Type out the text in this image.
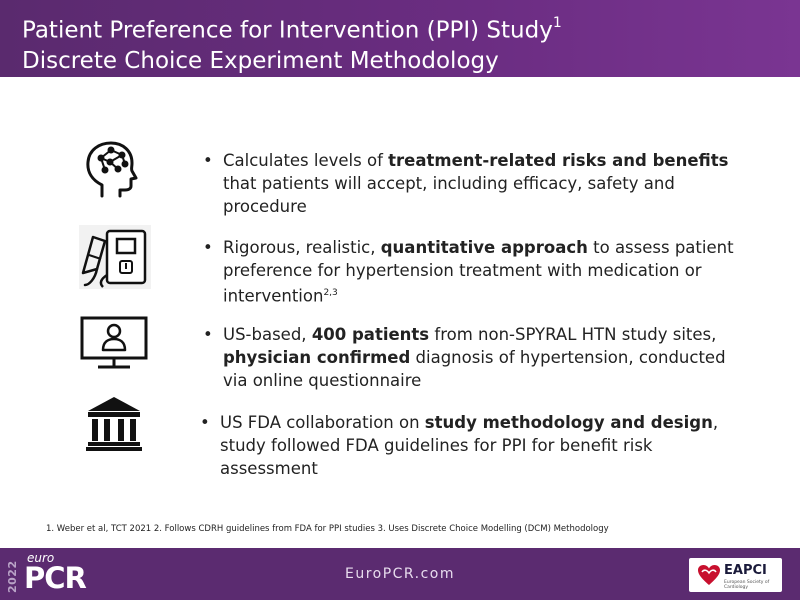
Patient Preference for Intervention (PPI) Study$^1$
Discrete Choice Experiment Methodology
• Calculates levels of treatment-related risks and benefits that patients will accept, including efficacy, safety and procedure
• Rigorous, realistic, quantitative approach to assess patient preference for hypertension treatment with medication or intervention$^{2,3}$
• US-based, 400 patients from non-SPYRAL HTN study sites, physician confirmed diagnosis of hypertension, conducted via online questionnaire
• US FDA collaboration on study methodology and design, study followed FDA guidelines for PPI for benefit risk assessment
1. Weber et al, TCT 2021 2. Follows CDRH guidelines from FDA for PPI studies 3. Uses Discrete Choice Modelling (DCM) Methodology
2022
euro
PCR	EuroPCR.com	EAPCI
European Society of Cardiology
